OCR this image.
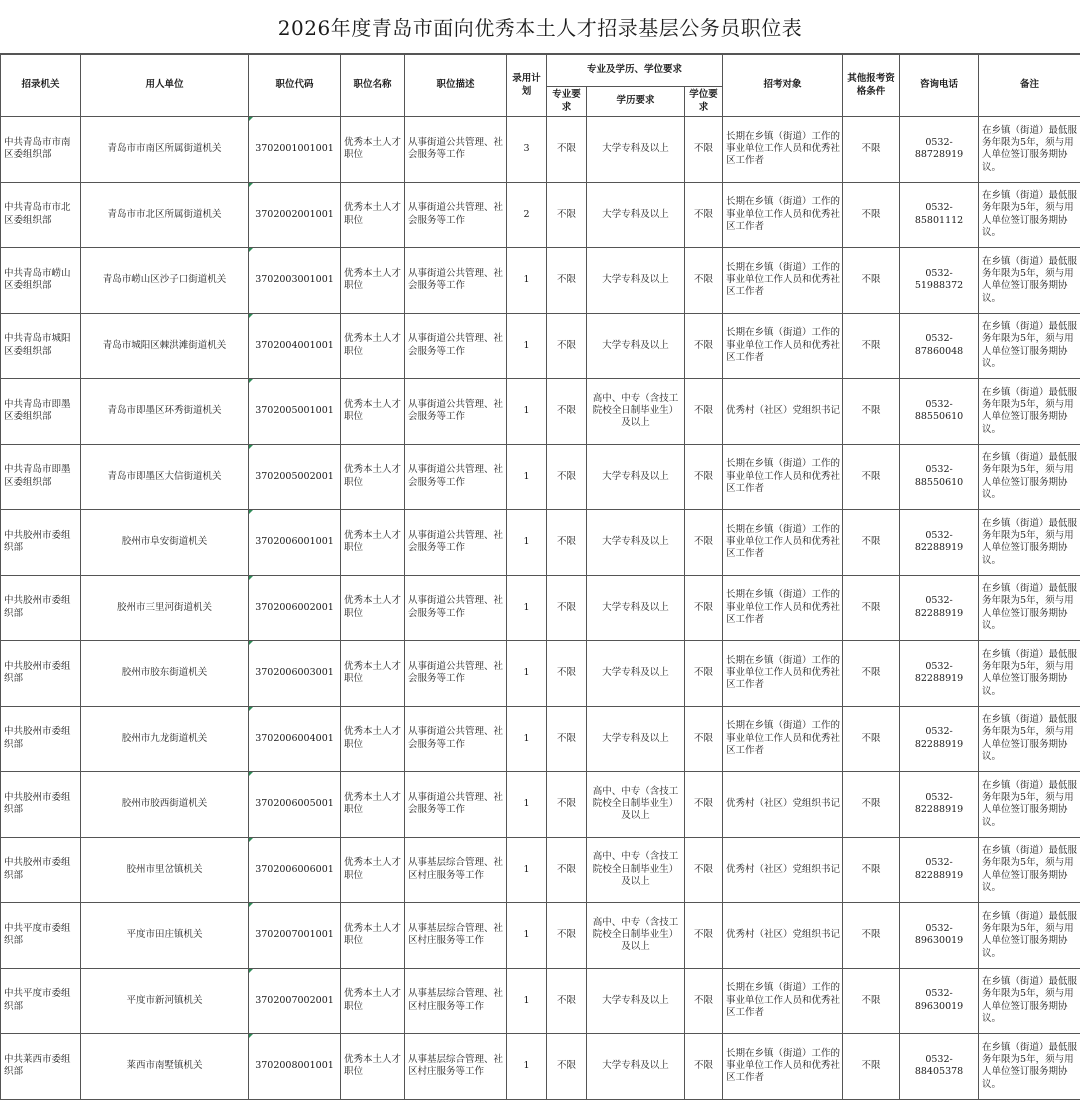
2026年度青岛市面向优秀本土人才招录基层公务员职位表
招录机关	用人单位	职位代码	职位名称	职位描述	录用计划	专业及学历、学位要求			招考对象	其他报考资格条件	咨询电话	备注
						专业要求	学历要求	学位要求				
中共青岛市市南区委组织部	青岛市市南区所属街道机关	3702001001001	优秀本土人才职位	从事街道公共管理、社会服务等工作	3	不限	大学专科及以上	不限	长期在乡镇（街道）工作的事业单位工作人员和优秀社区工作者	不限	0532-88728919	在乡镇（街道）最低服务年限为5年，须与用人单位签订服务期协议。
中共青岛市市北区委组织部	青岛市市北区所属街道机关	3702002001001	优秀本土人才职位	从事街道公共管理、社会服务等工作	2	不限	大学专科及以上	不限	长期在乡镇（街道）工作的事业单位工作人员和优秀社区工作者	不限	0532-85801112	在乡镇（街道）最低服务年限为5年，须与用人单位签订服务期协议。
中共青岛市崂山区委组织部	青岛市崂山区沙子口街道机关	3702003001001	优秀本土人才职位	从事街道公共管理、社会服务等工作	1	不限	大学专科及以上	不限	长期在乡镇（街道）工作的事业单位工作人员和优秀社区工作者	不限	0532-51988372	在乡镇（街道）最低服务年限为5年，须与用人单位签订服务期协议。
中共青岛市城阳区委组织部	青岛市城阳区棘洪滩街道机关	3702004001001	优秀本土人才职位	从事街道公共管理、社会服务等工作	1	不限	大学专科及以上	不限	长期在乡镇（街道）工作的事业单位工作人员和优秀社区工作者	不限	0532-87860048	在乡镇（街道）最低服务年限为5年，须与用人单位签订服务期协议。
中共青岛市即墨区委组织部	青岛市即墨区环秀街道机关	3702005001001	优秀本土人才职位	从事街道公共管理、社会服务等工作	1	不限	高中、中专（含技工院校全日制毕业生）及以上	不限	优秀村（社区）党组织书记	不限	0532-88550610	在乡镇（街道）最低服务年限为5年，须与用人单位签订服务期协议。
中共青岛市即墨区委组织部	青岛市即墨区大信街道机关	3702005002001	优秀本土人才职位	从事街道公共管理、社会服务等工作	1	不限	大学专科及以上	不限	长期在乡镇（街道）工作的事业单位工作人员和优秀社区工作者	不限	0532-88550610	在乡镇（街道）最低服务年限为5年，须与用人单位签订服务期协议。
中共胶州市委组织部	胶州市阜安街道机关	3702006001001	优秀本土人才职位	从事街道公共管理、社会服务等工作	1	不限	大学专科及以上	不限	长期在乡镇（街道）工作的事业单位工作人员和优秀社区工作者	不限	0532-82288919	在乡镇（街道）最低服务年限为5年，须与用人单位签订服务期协议。
中共胶州市委组织部	胶州市三里河街道机关	3702006002001	优秀本土人才职位	从事街道公共管理、社会服务等工作	1	不限	大学专科及以上	不限	长期在乡镇（街道）工作的事业单位工作人员和优秀社区工作者	不限	0532-82288919	在乡镇（街道）最低服务年限为5年，须与用人单位签订服务期协议。
中共胶州市委组织部	胶州市胶东街道机关	3702006003001	优秀本土人才职位	从事街道公共管理、社会服务等工作	1	不限	大学专科及以上	不限	长期在乡镇（街道）工作的事业单位工作人员和优秀社区工作者	不限	0532-82288919	在乡镇（街道）最低服务年限为5年，须与用人单位签订服务期协议。
中共胶州市委组织部	胶州市九龙街道机关	3702006004001	优秀本土人才职位	从事街道公共管理、社会服务等工作	1	不限	大学专科及以上	不限	长期在乡镇（街道）工作的事业单位工作人员和优秀社区工作者	不限	0532-82288919	在乡镇（街道）最低服务年限为5年，须与用人单位签订服务期协议。
中共胶州市委组织部	胶州市胶西街道机关	3702006005001	优秀本土人才职位	从事街道公共管理、社会服务等工作	1	不限	高中、中专（含技工院校全日制毕业生）及以上	不限	优秀村（社区）党组织书记	不限	0532-82288919	在乡镇（街道）最低服务年限为5年，须与用人单位签订服务期协议。
中共胶州市委组织部	胶州市里岔镇机关	3702006006001	优秀本土人才职位	从事基层综合管理、社区村庄服务等工作	1	不限	高中、中专（含技工院校全日制毕业生）及以上	不限	优秀村（社区）党组织书记	不限	0532-82288919	在乡镇（街道）最低服务年限为5年，须与用人单位签订服务期协议。
中共平度市委组织部	平度市田庄镇机关	3702007001001	优秀本土人才职位	从事基层综合管理、社区村庄服务等工作	1	不限	高中、中专（含技工院校全日制毕业生）及以上	不限	优秀村（社区）党组织书记	不限	0532-89630019	在乡镇（街道）最低服务年限为5年，须与用人单位签订服务期协议。
中共平度市委组织部	平度市新河镇机关	3702007002001	优秀本土人才职位	从事基层综合管理、社区村庄服务等工作	1	不限	大学专科及以上	不限	长期在乡镇（街道）工作的事业单位工作人员和优秀社区工作者	不限	0532-89630019	在乡镇（街道）最低服务年限为5年，须与用人单位签订服务期协议。
中共莱西市委组织部	莱西市南墅镇机关	3702008001001	优秀本土人才职位	从事基层综合管理、社区村庄服务等工作	1	不限	大学专科及以上	不限	长期在乡镇（街道）工作的事业单位工作人员和优秀社区工作者	不限	0532-88405378	在乡镇（街道）最低服务年限为5年，须与用人单位签订服务期协议。
